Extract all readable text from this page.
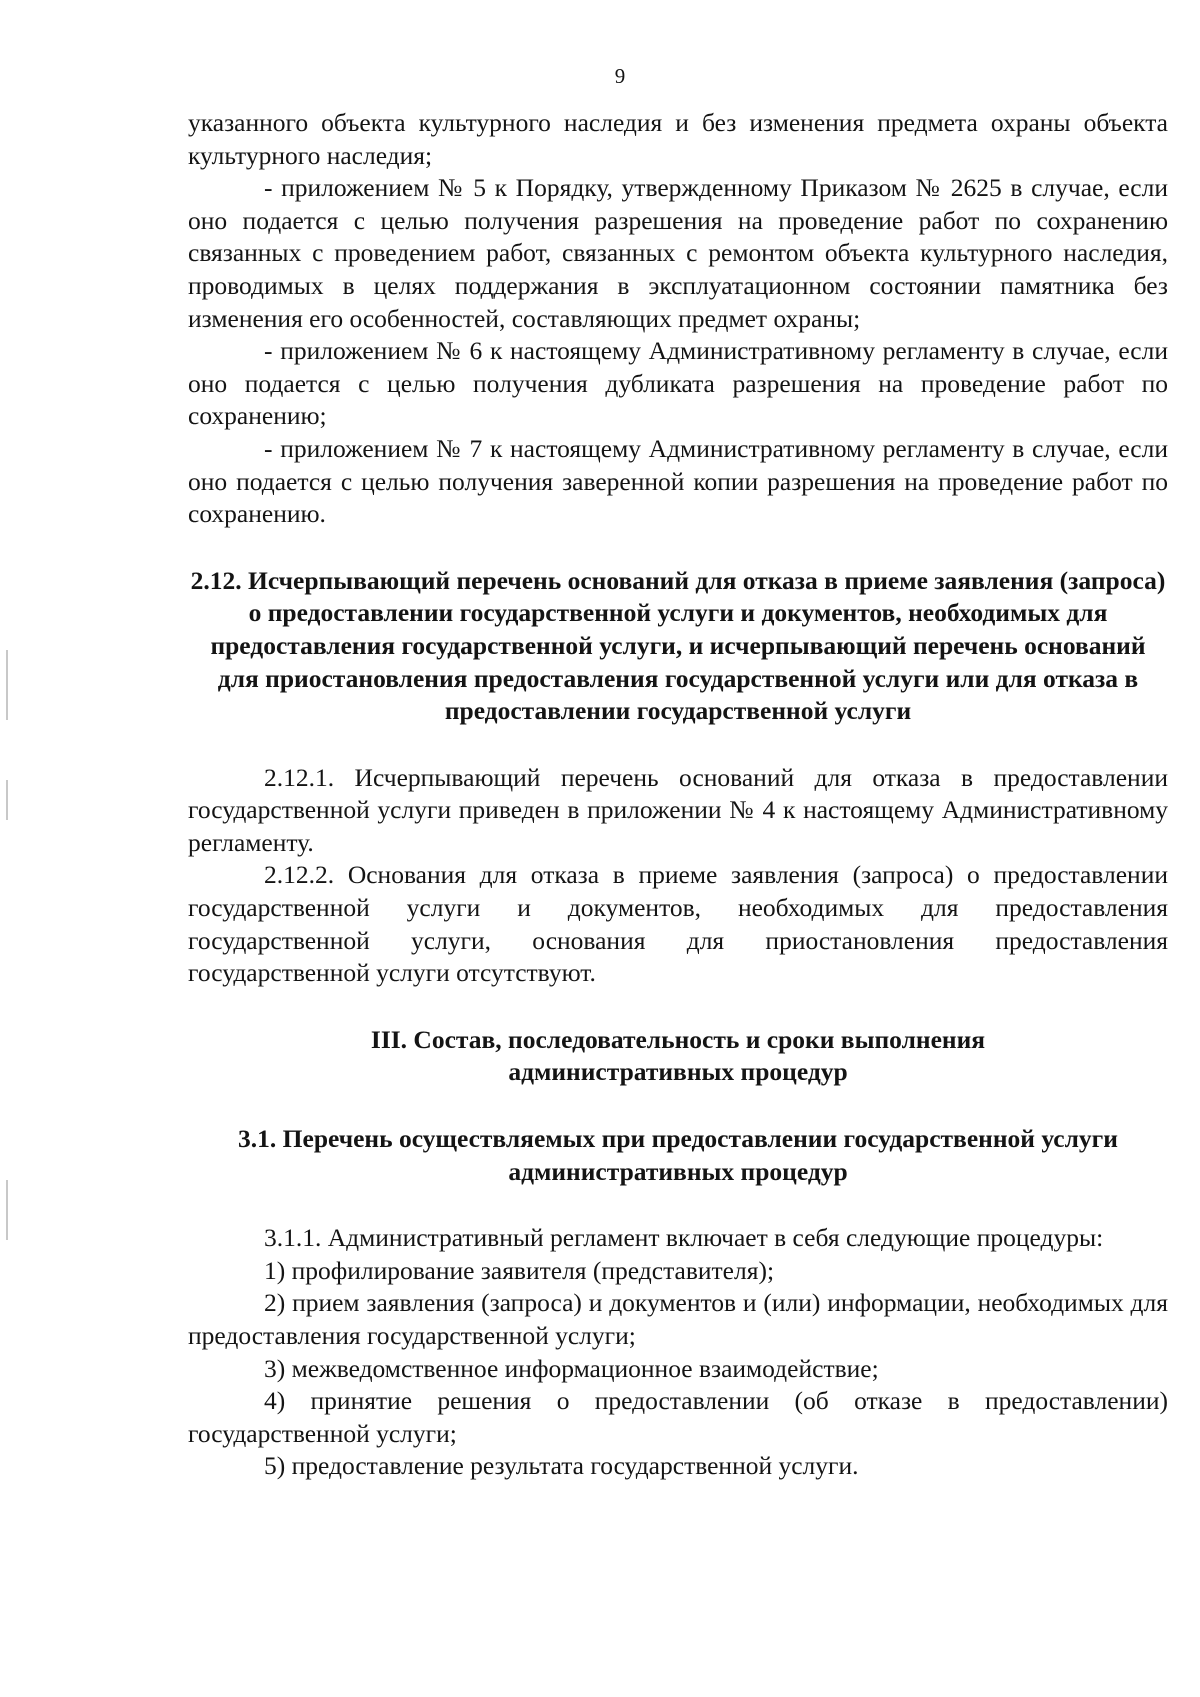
9

указанного объекта культурного наследия и без изменения предмета охраны объекта культурного наследия;

- приложением № 5 к Порядку, утвержденному Приказом № 2625 в случае, если оно подается с целью получения разрешения на проведение работ по сохранению связанных с проведением работ, связанных с ремонтом объекта культурного наследия, проводимых в целях поддержания в эксплуатационном состоянии памятника без изменения его особенностей, составляющих предмет охраны;

- приложением № 6 к настоящему Административному регламенту в случае, если оно подается с целью получения дубликата разрешения на проведение работ по сохранению;

- приложением № 7 к настоящему Административному регламенту в случае, если оно подается с целью получения заверенной копии разрешения на проведение работ по сохранению.

2.12. Исчерпывающий перечень оснований для отказа в приеме заявления (запроса) о предоставлении государственной услуги и документов, необходимых для предоставления государственной услуги, и исчерпывающий перечень оснований для приостановления предоставления государственной услуги или для отказа в предоставлении государственной услуги

2.12.1. Исчерпывающий перечень оснований для отказа в предоставлении государственной услуги приведен в приложении № 4 к настоящему Административному регламенту.

2.12.2. Основания для отказа в приеме заявления (запроса) о предоставлении государственной услуги и документов, необходимых для предоставления государственной услуги, основания для приостановления предоставления государственной услуги отсутствуют.

III. Состав, последовательность и сроки выполнения административных процедур
3.1. Перечень осуществляемых при предоставлении государственной услуги административных процедур

3.1.1. Административный регламент включает в себя следующие процедуры:

1) профилирование заявителя (представителя);

2) прием заявления (запроса) и документов и (или) информации, необходимых для предоставления государственной услуги;

3) межведомственное информационное взаимодействие;

4) принятие решения о предоставлении (об отказе в предоставлении) государственной услуги;

5) предоставление результата государственной услуги.
